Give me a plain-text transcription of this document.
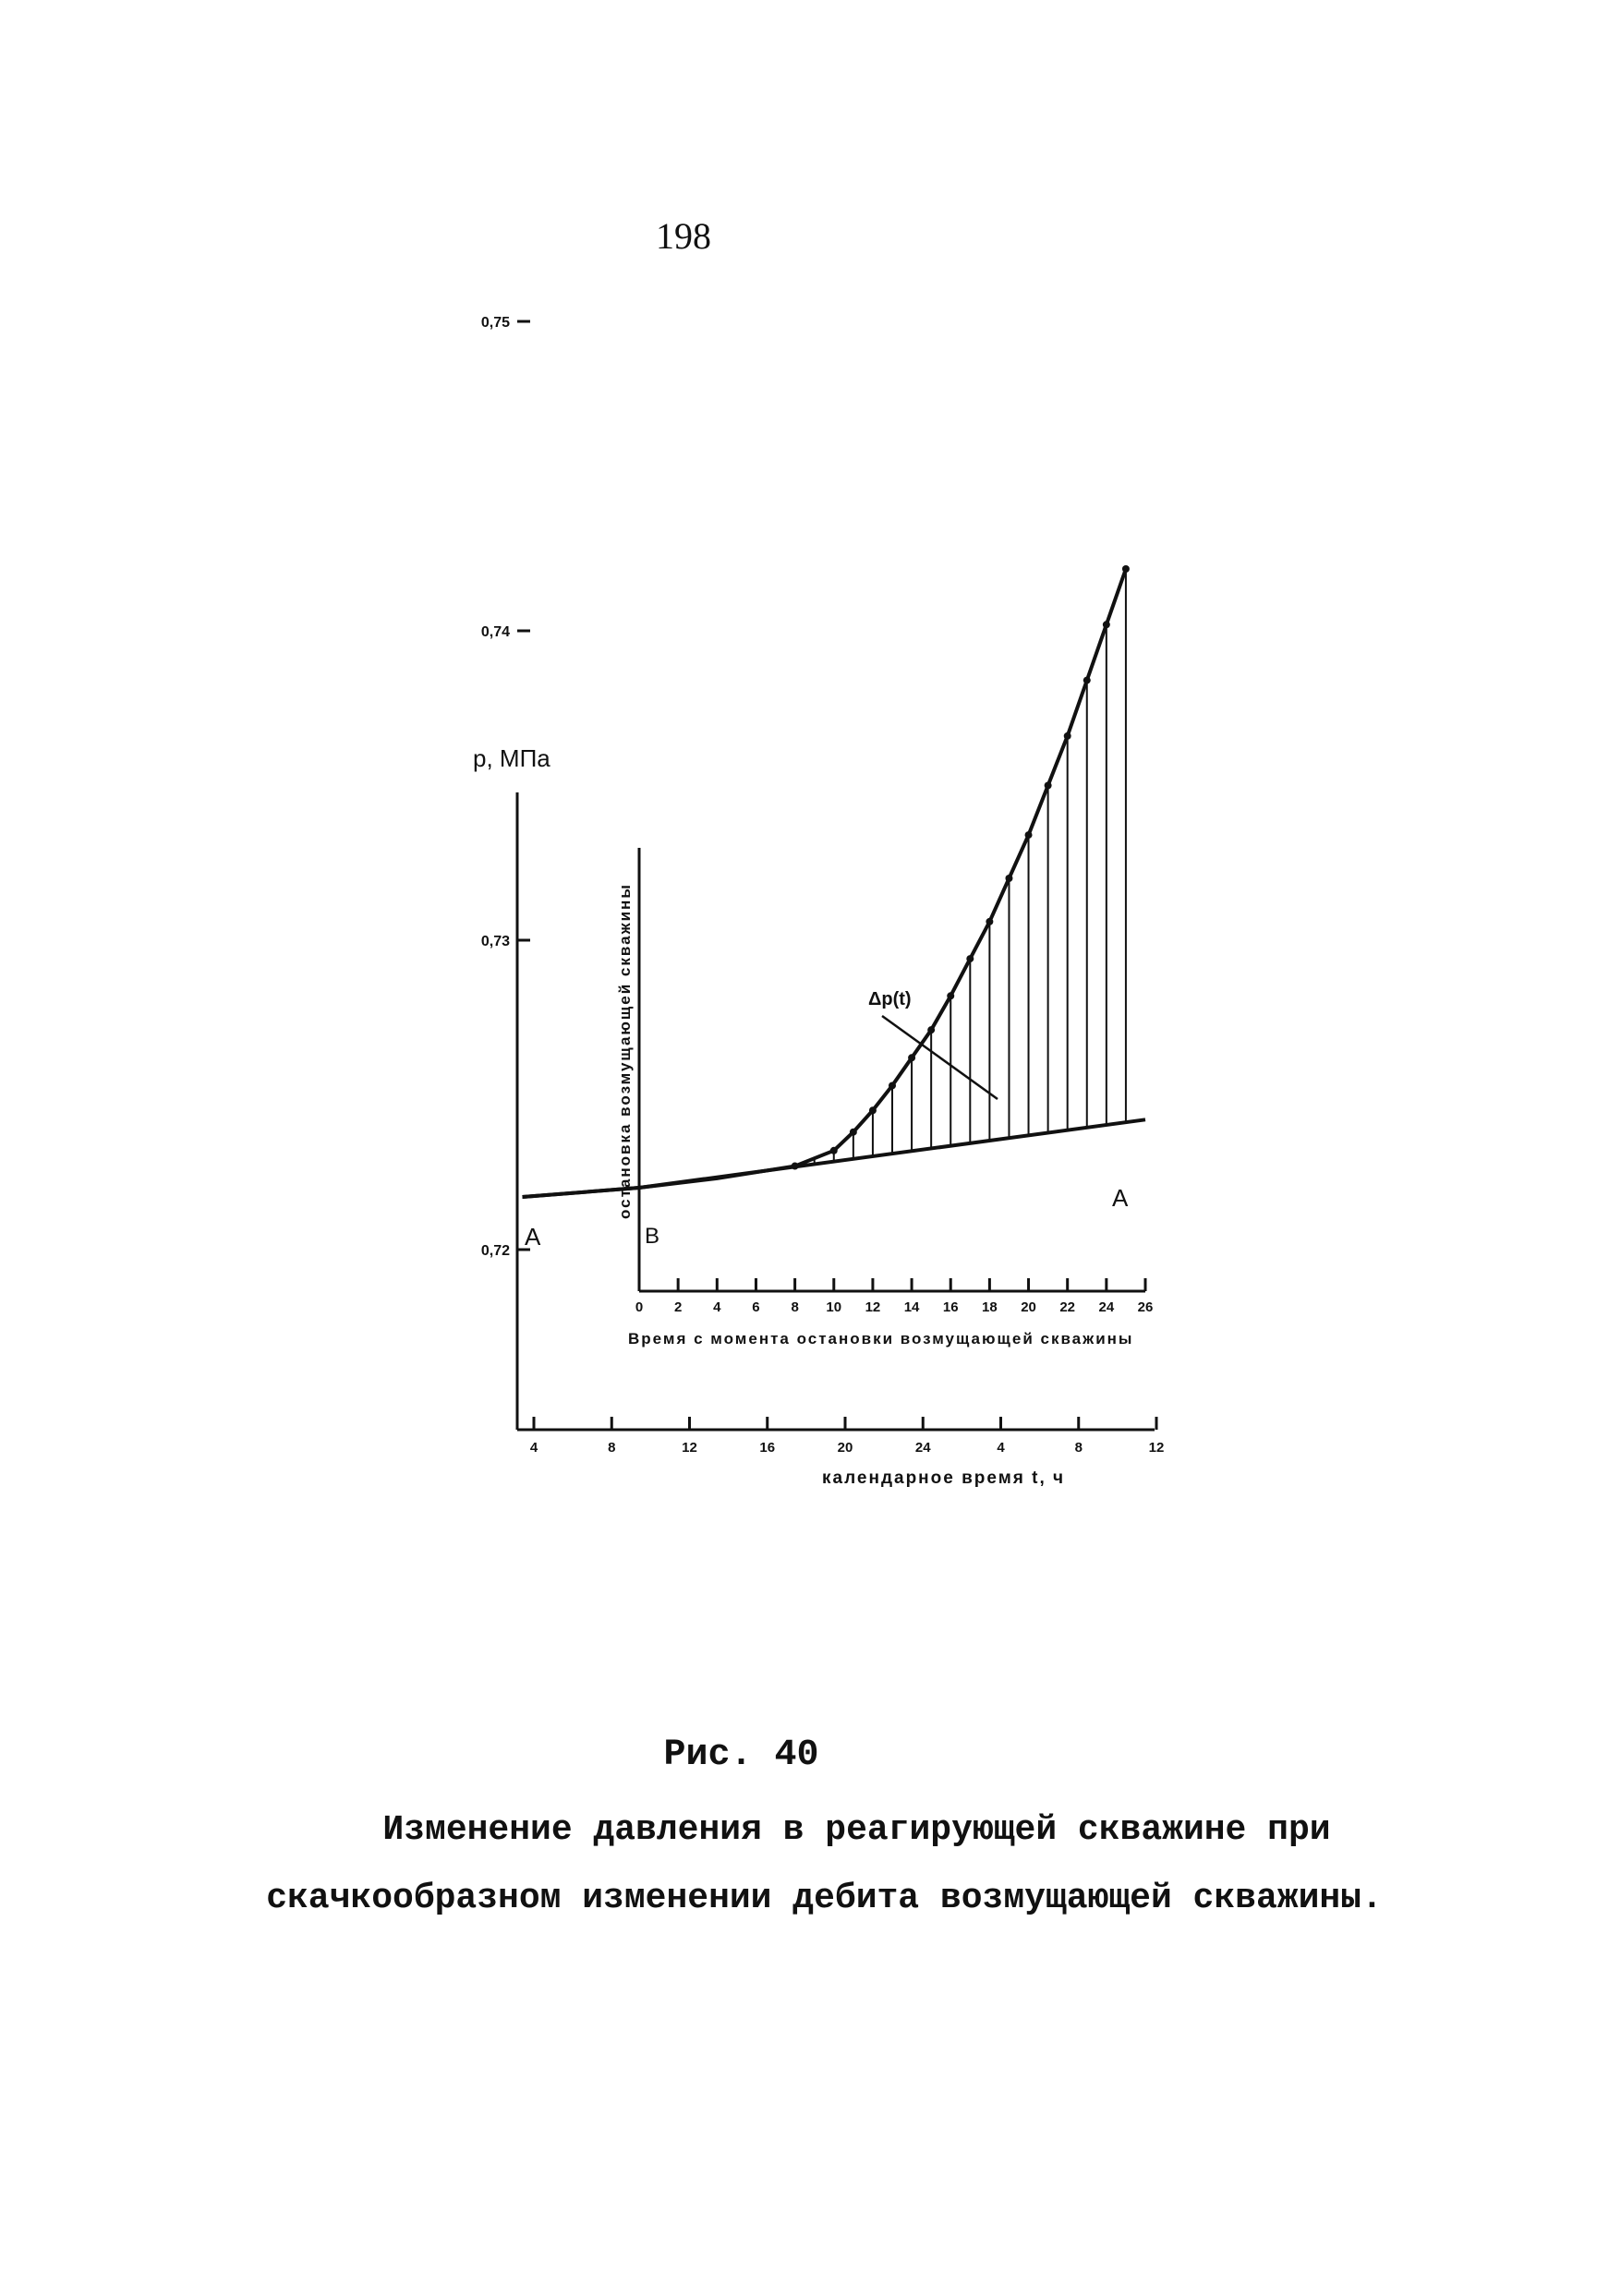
198
p, МПа
остановка возмущающей скважины
Время с момента остановки возмущающей скважины
календарное время t, ч
Δp(t)
A	B
A
0,75
0,74
0,73
0,72
0 2 4 6 8 10 12 14 16 18 20 22 24 26
4	8	12	16	20	24	4	8	12
Рис. 40
Изменение давления в реагирующей скважине при
скачкообразном изменении дебита возмущающей скважины.
